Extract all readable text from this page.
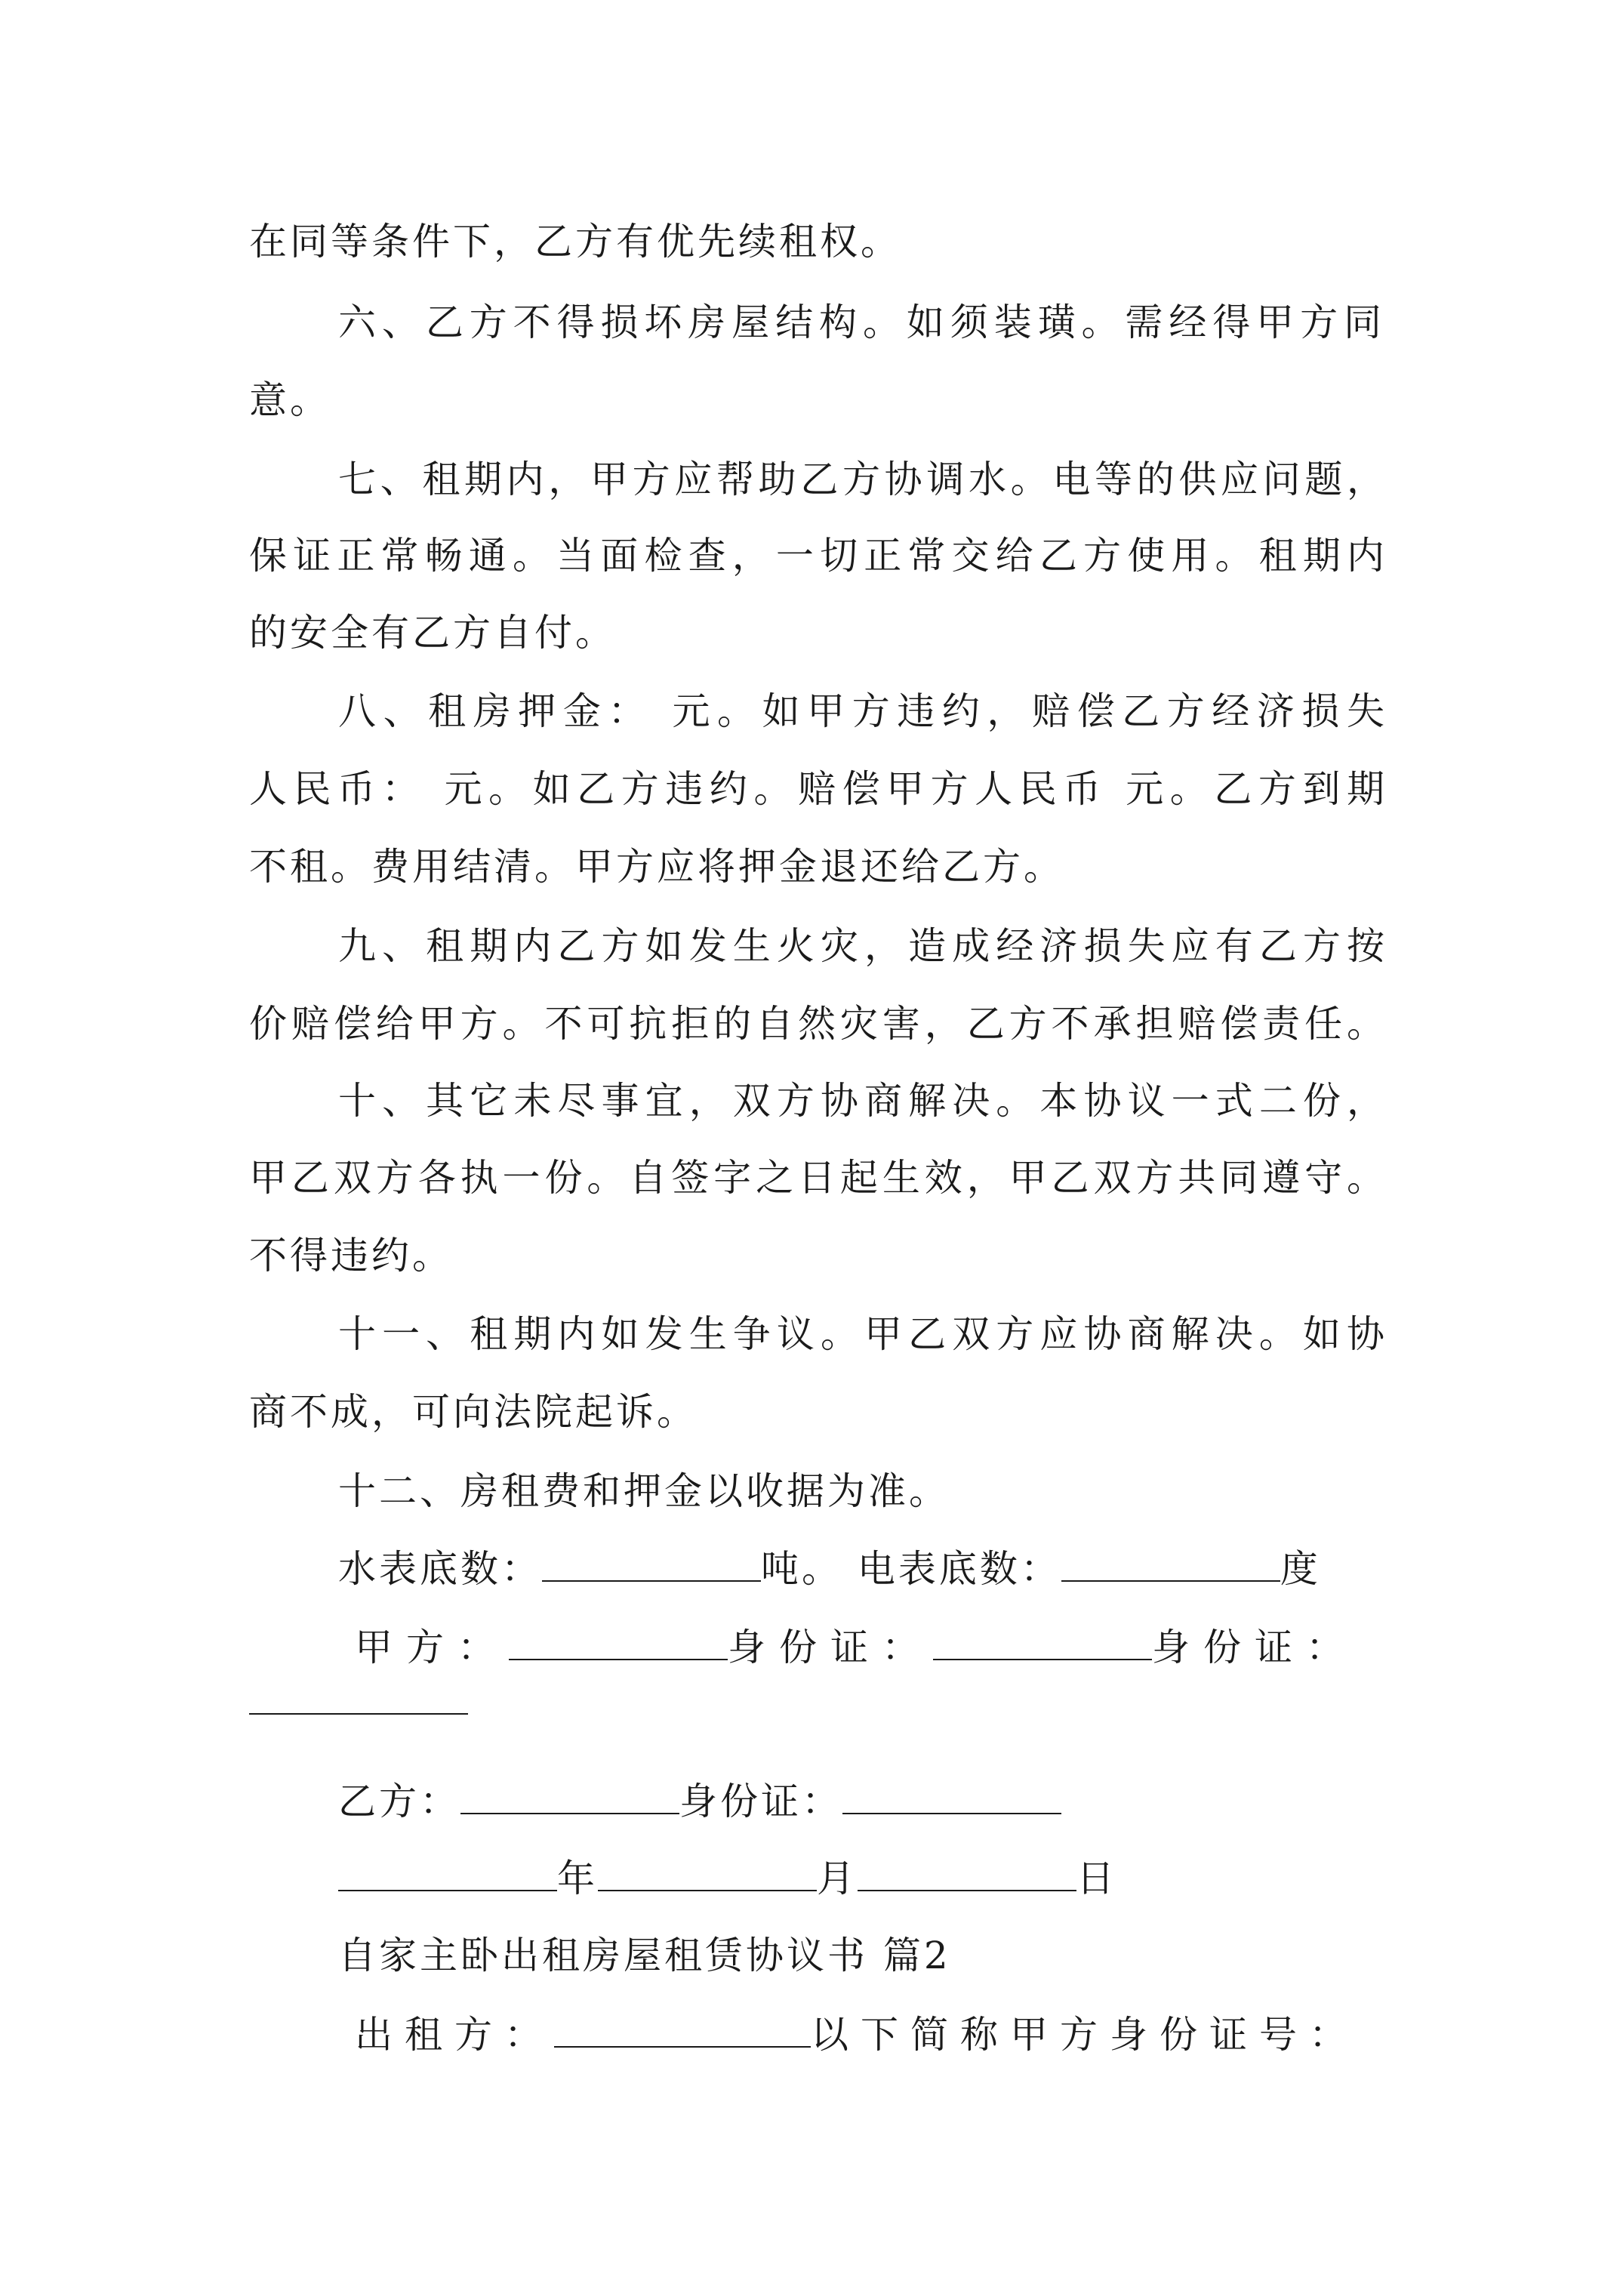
在同等条件下，乙方有优先续租权。
六、乙方不得损坏房屋结构。如须装璜。需经得甲方同
意。
七、租期内，甲方应帮助乙方协调水。电等的供应问题，
保证正常畅通。当面检查，一切正常交给乙方使用。租期内
的安全有乙方自付。
八、租房押金： 元。如甲方违约，赔偿乙方经济损失
人民币： 元。如乙方违约。赔偿甲方人民币 元。乙方到期
不租。费用结清。甲方应将押金退还给乙方。
九、租期内乙方如发生火灾，造成经济损失应有乙方按
价赔偿给甲方。不可抗拒的自然灾害，乙方不承担赔偿责任。
十、其它未尽事宜，双方协商解决。本协议一式二份，
甲乙双方各执一份。自签字之日起生效，甲乙双方共同遵守。
不得违约。
十一、租期内如发生争议。甲乙双方应协商解决。如协
商不成，可向法院起诉。
十二、房租费和押金以收据为准。
水表底数：	吨。 电表底数：	度
甲方：	身份证：	身份证：
乙方：	身份证：
年	月	日
自家主卧出租房屋租赁协议书 篇2
出租方：	以下简称甲方身份证号：
